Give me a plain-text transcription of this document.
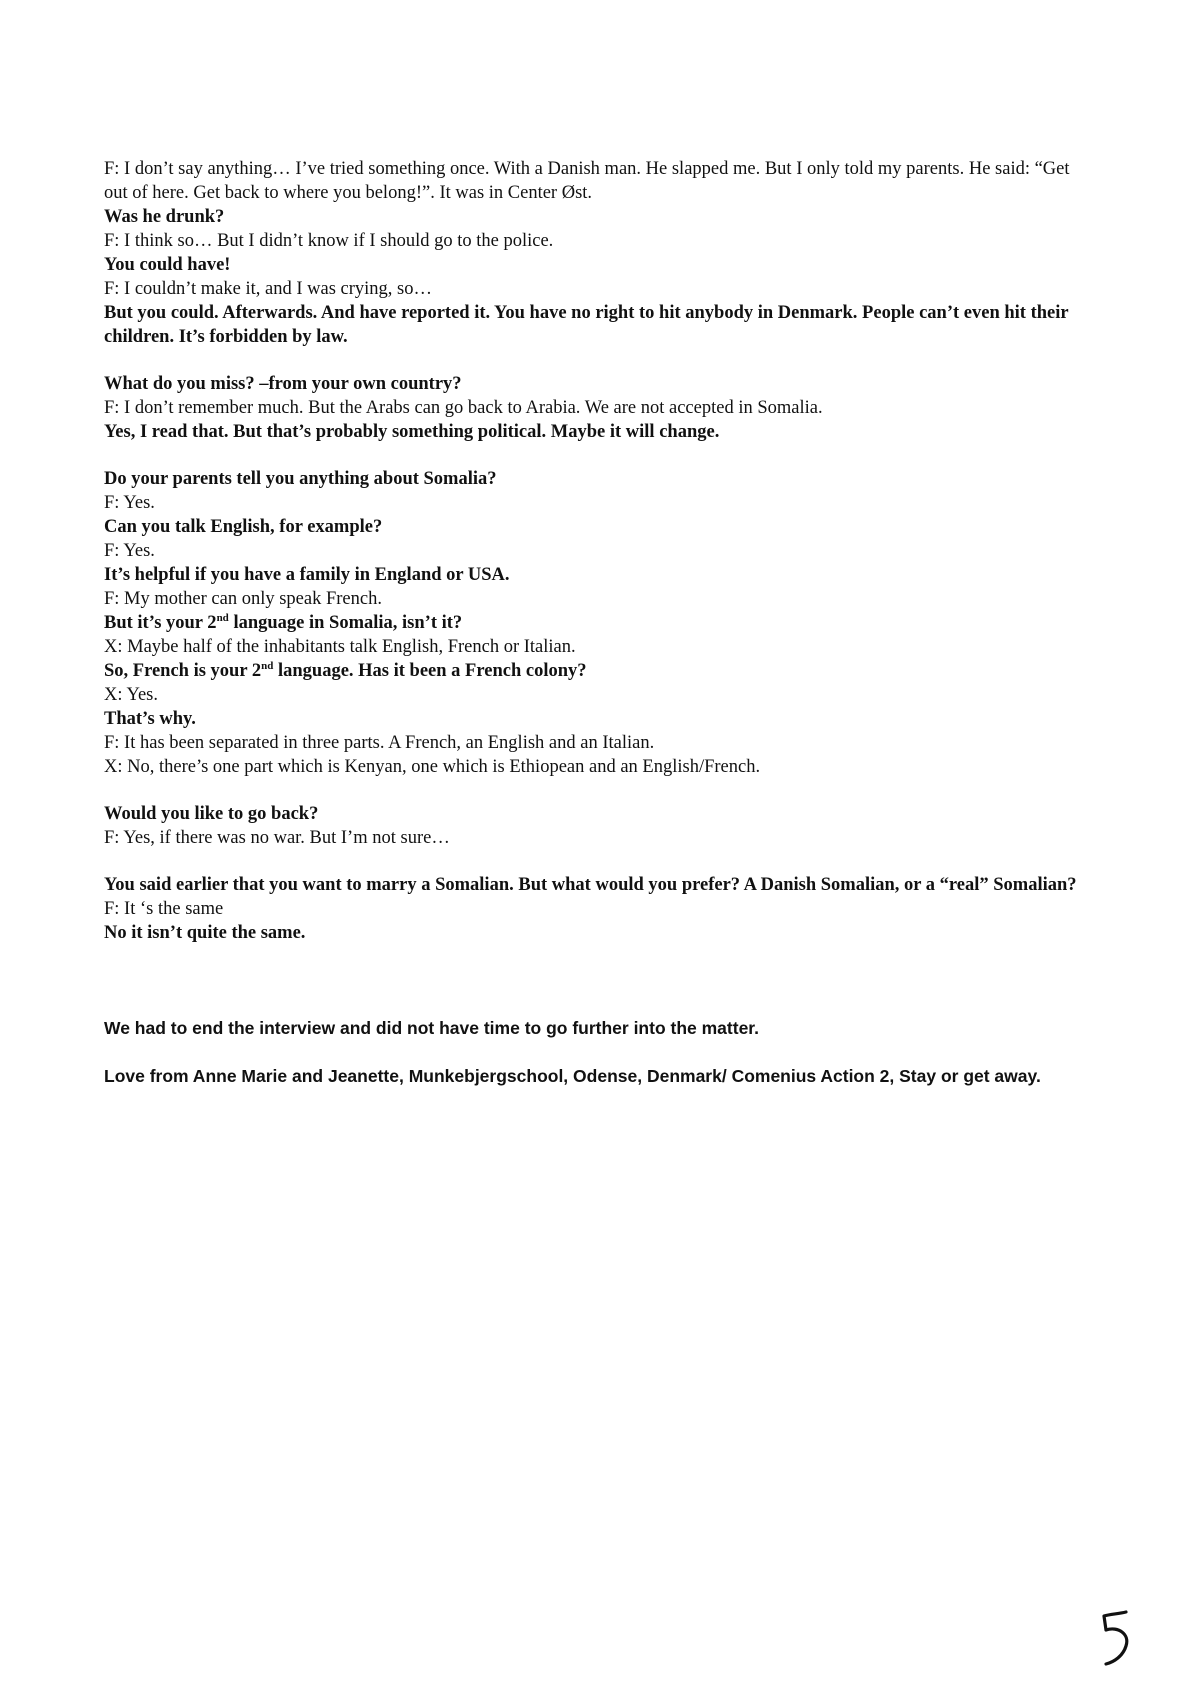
F: I don’t say anything… I’ve tried something once. With a Danish man. He slapped me. But I only told my parents. He said: “Get out of here. Get back to where you belong!”. It was in Center Øst.

Was he drunk?

F: I think so… But I didn’t know if I should go to the police.

You could have!

F: I couldn’t make it, and I was crying, so…

But you could. Afterwards. And have reported it. You have no right to hit anybody in Denmark. People can’t even hit their children. It’s forbidden by law.

What do you miss? –from your own country?

F: I don’t remember much. But the Arabs can go back to Arabia. We are not accepted in Somalia.

Yes, I read that. But that’s probably something political. Maybe it will change.

Do your parents tell you anything about Somalia?

F: Yes.

Can you talk English, for example?

F: Yes.

It’s helpful if you have a family in England or USA.

F: My mother can only speak French.

But it’s your 2nd language in Somalia, isn’t it?

X: Maybe half of the inhabitants talk English, French or Italian.

So, French is your 2nd language. Has it been a French colony?

X: Yes.

That’s why.

F: It has been separated in three parts. A French, an English and an Italian.

X: No, there’s one part which is Kenyan, one which is Ethiopean and an English/French.

Would you like to go back?

F: Yes, if there was no war. But I’m not sure…

You said earlier that you want to marry a Somalian. But what would you prefer? A Danish Somalian, or a “real” Somalian?

F: It ‘s the same

No it isn’t quite the same.

We had to end the interview and did not have time to go further into the matter.

Love from Anne Marie and Jeanette, Munkebjergschool, Odense, Denmark/ Comenius Action 2, Stay or get away.
